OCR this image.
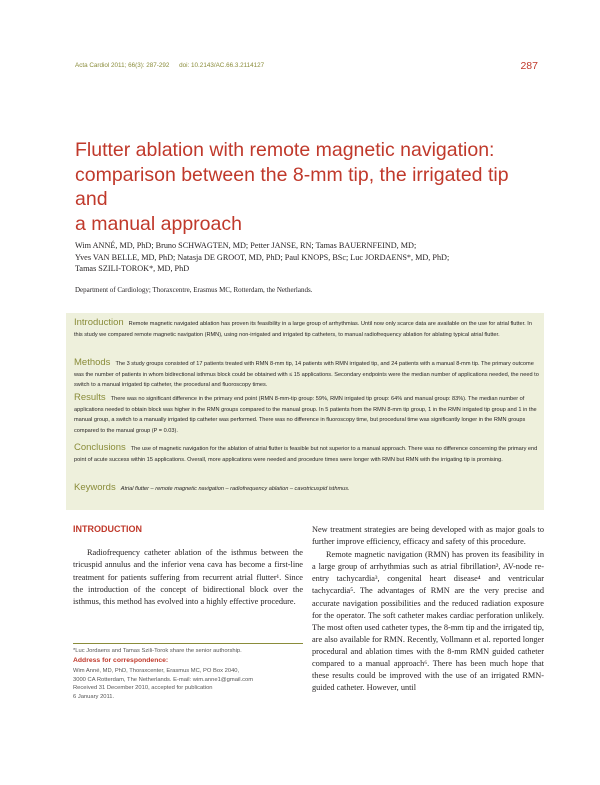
Acta Cardiol 2011; 66(3): 287-292 doi: 10.2143/AC.66.3.2114127	287
Flutter ablation with remote magnetic navigation:
comparison between the 8-mm tip, the irrigated tip and
a manual approach
Wim ANNÉ, MD, PhD; Bruno SCHWAGTEN, MD; Petter JANSE, RN; Tamas BAUERNFEIND, MD;
Yves VAN BELLE, MD, PhD; Natasja DE GROOT, MD, PhD; Paul KNOPS, BSc; Luc JORDAENS*, MD, PhD;
Tamas SZILI-TOROK*, MD, PhD
Department of Cardiology; Thoraxcentre, Erasmus MC, Rotterdam, the Netherlands.
Introduction Remote magnetic navigated ablation has proven its feasibility in a large group of arrhythmias. Until now only scarce data are available on the use for atrial flutter. In this study we compared remote magnetic navigation (RMN), using non-irrigated and irrigated tip catheters, to manual radiofrequency ablation for ablating typical atrial flutter.
Methods The 3 study groups consisted of 17 patients treated with RMN 8-mm tip, 14 patients with RMN irrigated tip, and 24 patients with a manual 8-mm tip. The primary outcome was the number of patients in whom bidirectional isthmus block could be obtained with ≤ 15 applications. Secondary endpoints were the median number of applications needed, the need to switch to a manual irrigated tip catheter, the procedural and fluoroscopy times.
Results There was no significant difference in the primary end point (RMN 8-mm-tip group: 59%, RMN irrigated tip group: 64% and manual group: 83%). The median number of applications needed to obtain block was higher in the RMN groups compared to the manual group. In 5 patients from the RMN 8-mm tip group, 1 in the RMN irrigated tip group and 1 in the manual group, a switch to a manually irrigated tip catheter was performed. There was no difference in fluoroscopy time, but procedural time was significantly longer in the RMN groups compared to the manual group (P = 0.03).
Conclusions The use of magnetic navigation for the ablation of atrial flutter is feasible but not superior to a manual approach. There was no difference concerning the primary end point of acute success within 15 applications. Overall, more applications were needed and procedure times were longer with RMN but RMN with the irrigating tip is promising.
Keywords Atrial flutter – remote magnetic navigation – radiofrequency ablation – cavotricuspid isthmus.
INTRODUCTION

Radiofrequency catheter ablation of the isthmus between the tricuspid annulus and the inferior vena cava has become a first-line treatment for patients suffering from recurrent atrial flutter¹. Since the introduction of the concept of bidirectional block over the isthmus, this method has evolved into a highly effective procedure.

*Luc Jordaens and Tamas Szili-Torok share the senior authorship.
Address for correspondence:
Wim Anné, MD, PhD, Thoraxcenter, Erasmus MC, PO Box 2040,
3000 CA Rotterdam, The Netherlands. E-mail: wim.anne1@gmail.com
Received 31 December 2010, accepted for publication
6 January 2011.

New treatment strategies are being developed with as major goals to further improve efficiency, efficacy and safety of this procedure.

Remote magnetic navigation (RMN) has proven its feasibility in a large group of arrhythmias such as atrial fibrillation², AV-node re-entry tachycardia³, congenital heart disease⁴ and ventricular tachycardia⁵. The advantages of RMN are the very precise and accurate navigation possibilities and the reduced radiation exposure for the operator. The soft catheter makes cardiac perforation unlikely. The most often used catheter types, the 8-mm tip and the irrigated tip, are also available for RMN. Recently, Vollmann et al. reported longer procedural and ablation times with the 8-mm RMN guided catheter compared to a manual approach⁶. There has been much hope that these results could be improved with the use of an irrigated RMN-guided catheter. However, until
